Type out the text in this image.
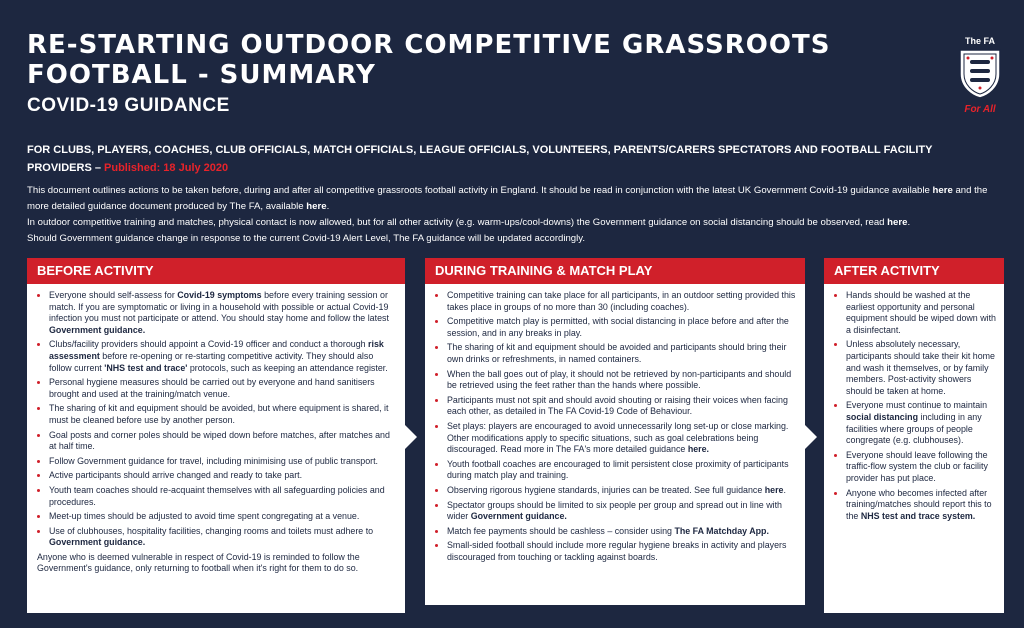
RE-STARTING OUTDOOR COMPETITIVE GRASSROOTS FOOTBALL - SUMMARY
COVID-19 GUIDANCE
The FA
For All
FOR CLUBS, PLAYERS, COACHES, CLUB OFFICIALS, MATCH OFFICIALS, LEAGUE OFFICIALS, VOLUNTEERS, PARENTS/CARERS SPECTATORS AND FOOTBALL FACILITY PROVIDERS – Published: 18 July 2020

This document outlines actions to be taken before, during and after all competitive grassroots football activity in England. It should be read in conjunction with the latest UK Government Covid-19 guidance available here and the more detailed guidance document produced by The FA, available here.

In outdoor competitive training and matches, physical contact is now allowed, but for all other activity (e.g. warm-ups/cool-downs) the Government guidance on social distancing should be observed, read here.

Should Government guidance change in response to the current Covid-19 Alert Level, The FA guidance will be updated accordingly.

BEFORE ACTIVITY
• Everyone should self-assess for Covid-19 symptoms before every training session or match. If you are symptomatic or living in a household with possible or actual Covid-19 infection you must not participate or attend. You should stay home and follow the latest Government guidance.
• Clubs/facility providers should appoint a Covid-19 officer and conduct a thorough risk assessment before re-opening or re-starting competitive activity. They should also follow current 'NHS test and trace' protocols, such as keeping an attendance register.
• Personal hygiene measures should be carried out by everyone and hand sanitisers brought and used at the training/match venue.
• The sharing of kit and equipment should be avoided, but where equipment is shared, it must be cleaned before use by another person.
• Goal posts and corner poles should be wiped down before matches, after matches and at half time.
• Follow Government guidance for travel, including minimising use of public transport.
• Active participants should arrive changed and ready to take part.
• Youth team coaches should re-acquaint themselves with all safeguarding policies and procedures.
• Meet-up times should be adjusted to avoid time spent congregating at a venue.
• Use of clubhouses, hospitality facilities, changing rooms and toilets must adhere to Government guidance.

Anyone who is deemed vulnerable in respect of Covid-19 is reminded to follow the Government's guidance, only returning to football when it's right for them to do so.

DURING TRAINING & MATCH PLAY
• Competitive training can take place for all participants, in an outdoor setting provided this takes place in groups of no more than 30 (including coaches).
• Competitive match play is permitted, with social distancing in place before and after the session, and in any breaks in play.
• The sharing of kit and equipment should be avoided and participants should bring their own drinks or refreshments, in named containers.
• When the ball goes out of play, it should not be retrieved by non-participants and should be retrieved using the feet rather than the hands where possible.
• Participants must not spit and should avoid shouting or raising their voices when facing each other, as detailed in The FA Covid-19 Code of Behaviour.
• Set plays: players are encouraged to avoid unnecessarily long set-up or close marking. Other modifications apply to specific situations, such as goal celebrations being discouraged. Read more in The FA's more detailed guidance here.
• Youth football coaches are encouraged to limit persistent close proximity of participants during match play and training.
• Observing rigorous hygiene standards, injuries can be treated. See full guidance here.
• Spectator groups should be limited to six people per group and spread out in line with wider Government guidance.
• Match fee payments should be cashless – consider using The FA Matchday App.
• Small-sided football should include more regular hygiene breaks in activity and players discouraged from touching or tackling against boards.
AFTER ACTIVITY
• Hands should be washed at the earliest opportunity and personal equipment should be wiped down with a disinfectant.
• Unless absolutely necessary, participants should take their kit home and wash it themselves, or by family members. Post-activity showers should be taken at home.
• Everyone must continue to maintain social distancing including in any facilities where groups of people congregate (e.g. clubhouses).
• Everyone should leave following the traffic-flow system the club or facility provider has put place.
• Anyone who becomes infected after training/matches should report this to the NHS test and trace system.
